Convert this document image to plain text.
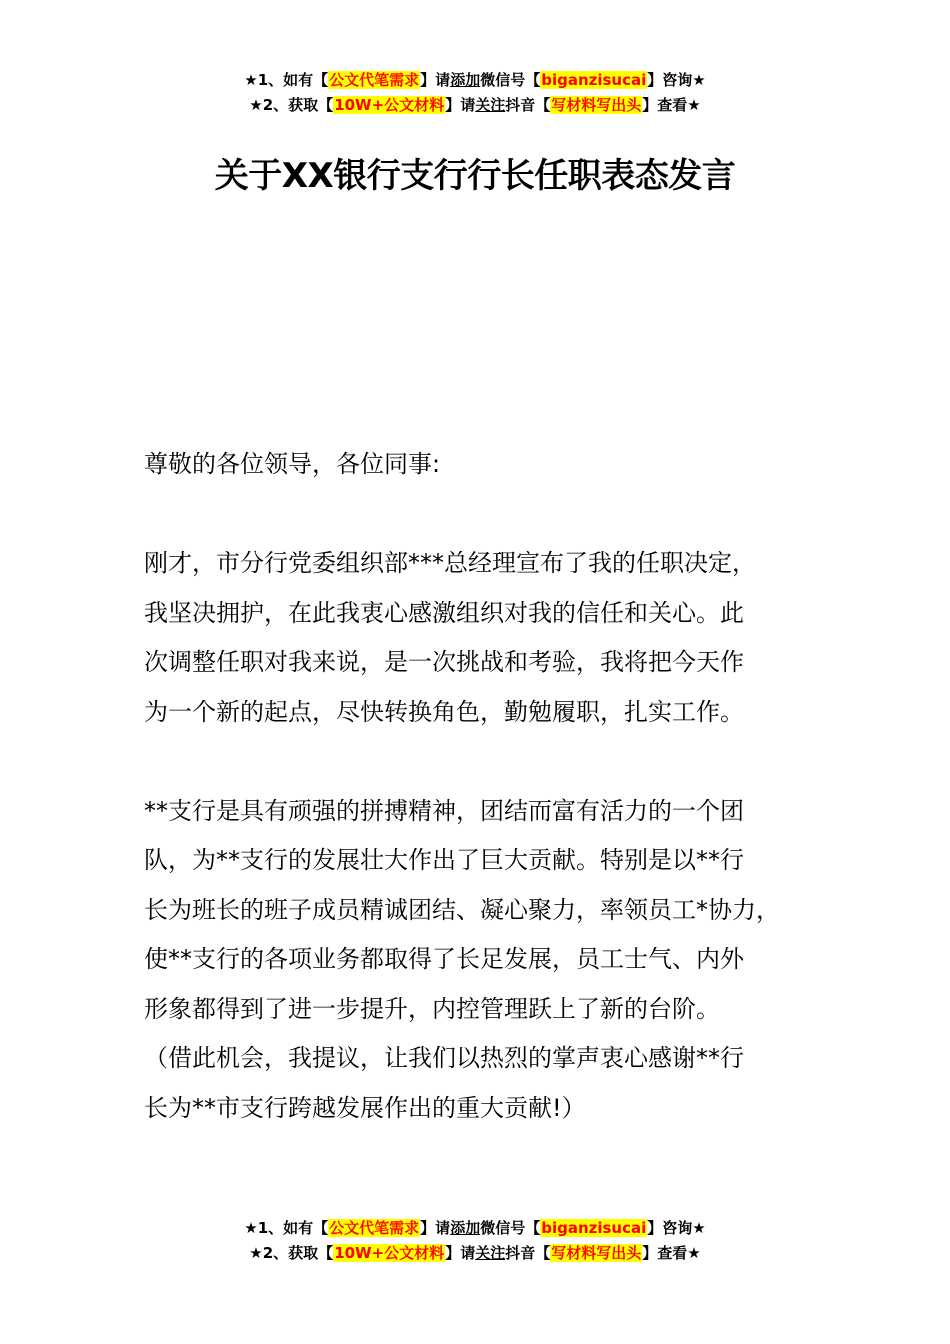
★1、如有【公文代笔需求】请添加微信号【biganzisucai】咨询★
★2、获取【10W+公文材料】请关注抖音【写材料写出头】查看★
关于XX银行支行行长任职表态发言

尊敬的各位领导，各位同事:

刚才，市分行党委组织部***总经理宣布了我的任职决定，

我坚决拥护，在此我衷心感激组织对我的信任和关心。此

次调整任职对我来说，是一次挑战和考验，我将把今天作

为一个新的起点，尽快转换角色，勤勉履职，扎实工作。

**支行是具有顽强的拼搏精神，团结而富有活力的一个团

队，为**支行的发展壮大作出了巨大贡献。特别是以**行

长为班长的班子成员精诚团结、凝心聚力，率领员工*协力，

使**支行的各项业务都取得了长足发展，员工士气、内外

形象都得到了进一步提升，内控管理跃上了新的台阶。

（借此机会，我提议，让我们以热烈的掌声衷心感谢**行

长为**市支行跨越发展作出的重大贡献!）

★1、如有【公文代笔需求】请添加微信号【biganzisucai】咨询★
★2、获取【10W+公文材料】请关注抖音【写材料写出头】查看★
